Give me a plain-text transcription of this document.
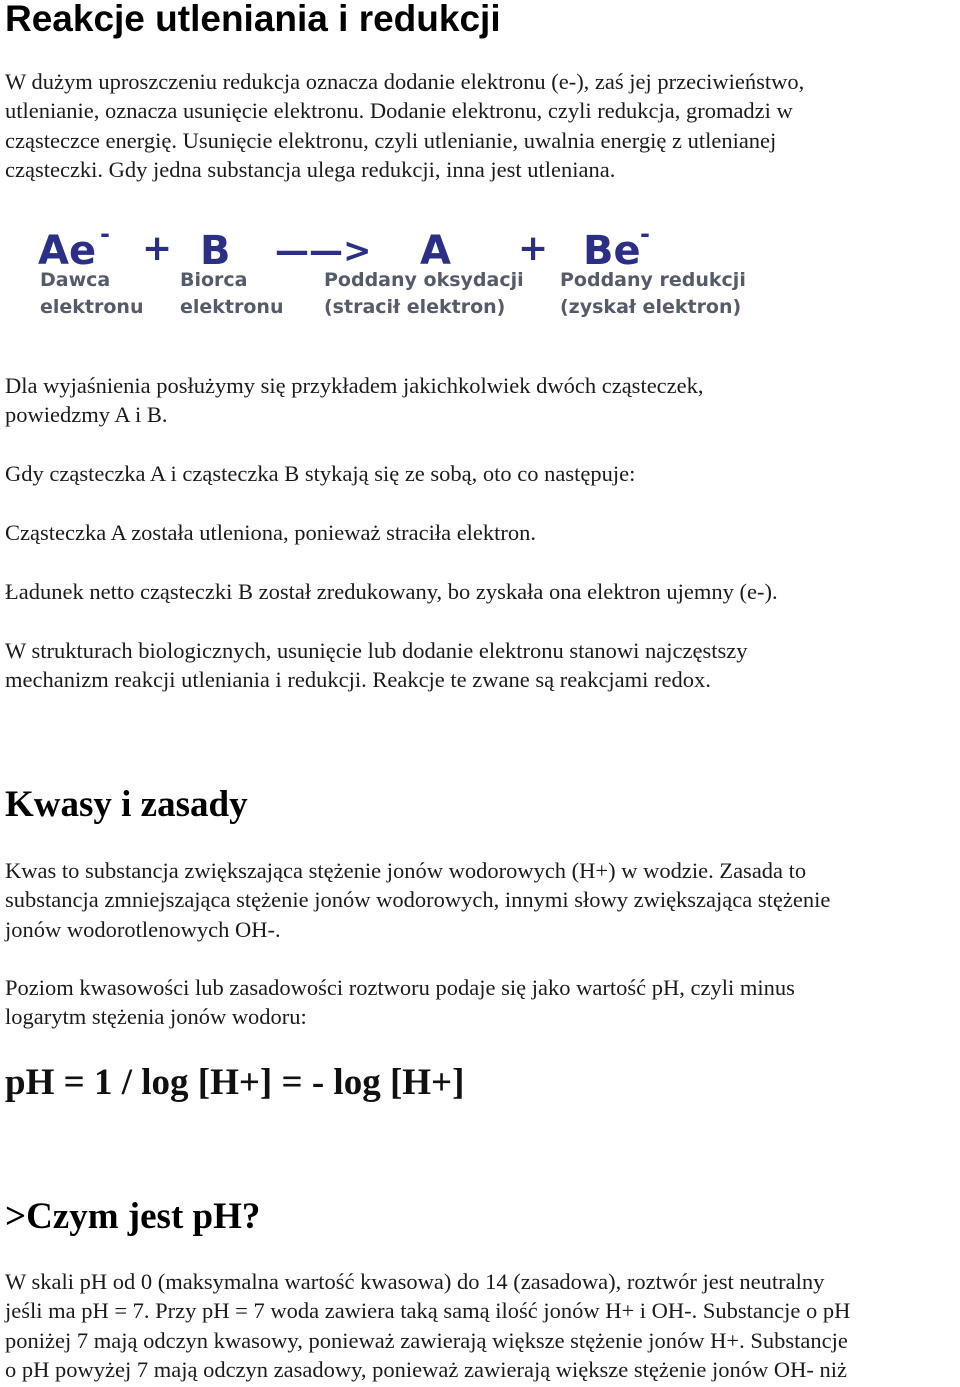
Reakcje utleniania i redukcji

W dużym uproszczeniu redukcja oznacza dodanie elektronu (e-), zaś jej przeciwieństwo,
utlenianie, oznacza usunięcie elektronu. Dodanie elektronu, czyli redukcja, gromadzi w
cząsteczce energię. Usunięcie elektronu, czyli utlenianie, uwalnia energię z utlenianej
cząsteczki. Gdy jedna substancja ulega redukcji, inna jest utleniana.

Ae - + B ——> A + Be -
Dawca
elektronu
Biorca
elektronu
Poddany oksydacji
(stracił elektron)
Poddany redukcji
(zyskał elektron)

Dla wyjaśnienia posłużymy się przykładem jakichkolwiek dwóch cząsteczek,
powiedzmy A i B.

Gdy cząsteczka A i cząsteczka B stykają się ze sobą, oto co następuje:

Cząsteczka A została utleniona, ponieważ straciła elektron.

Ładunek netto cząsteczki B został zredukowany, bo zyskała ona elektron ujemny (e-).

W strukturach biologicznych, usunięcie lub dodanie elektronu stanowi najczęstszy
mechanizm reakcji utleniania i redukcji. Reakcje te zwane są reakcjami redox.

Kwasy i zasady

Kwas to substancja zwiększająca stężenie jonów wodorowych (H+) w wodzie. Zasada to
substancja zmniejszająca stężenie jonów wodorowych, innymi słowy zwiększająca stężenie
jonów wodorotlenowych OH-.

Poziom kwasowości lub zasadowości roztworu podaje się jako wartość pH, czyli minus
logarytm stężenia jonów wodoru:

pH = 1 / log [H+] = - log [H+]
>Czym jest pH?

W skali pH od 0 (maksymalna wartość kwasowa) do 14 (zasadowa), roztwór jest neutralny
jeśli ma pH = 7. Przy pH = 7 woda zawiera taką samą ilość jonów H+ i OH-. Substancje o pH
poniżej 7 mają odczyn kwasowy, ponieważ zawierają większe stężenie jonów H+. Substancje
o pH powyżej 7 mają odczyn zasadowy, ponieważ zawierają większe stężenie jonów OH- niż
